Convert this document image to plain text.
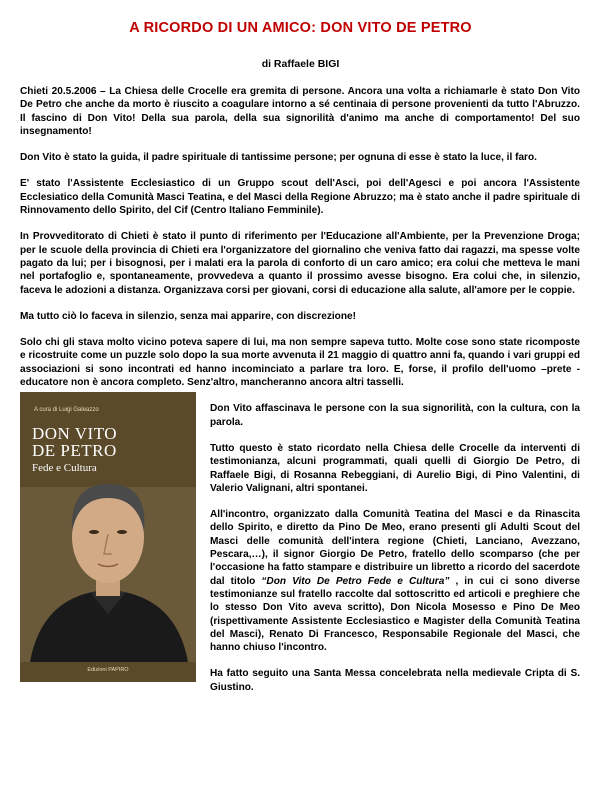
A RICORDO DI UN AMICO: DON VITO DE PETRO
di Raffaele BIGI

Chieti 20.5.2006 – La Chiesa delle Crocelle era gremita di persone. Ancora una volta a richiamarle è stato Don Vito De Petro che anche da morto è riuscito a coagulare intorno a sé centinaia di persone provenienti da tutto l'Abruzzo. Il fascino di Don Vito! Della sua parola, della sua signorilità d'animo ma anche di comportamento! Del suo insegnamento!

Don Vito è stato la guida, il padre spirituale di tantissime persone; per ognuna di esse è stato la luce, il faro.

E' stato l'Assistente Ecclesiastico di un Gruppo scout dell'Asci, poi dell'Agesci e poi ancora l'Assistente Ecclesiatico della Comunità Masci Teatina, e del Masci della Regione Abruzzo; ma è stato anche il padre spirituale di Rinnovamento dello Spirito, del Cif (Centro Italiano Femminile).

In Provveditorato di Chieti è stato il punto di riferimento per l'Educazione all'Ambiente, per la Prevenzione Droga; per le scuole della provincia di Chieti era l'organizzatore del giornalino che veniva fatto dai ragazzi, ma spesse volte pagato da lui; per i bisognosi, per i malati era la parola di conforto di un caro amico; era colui che metteva le mani nel portafoglio e, spontaneamente, provvedeva a quanto il prossimo avesse bisogno. Era colui che, in silenzio, faceva le adozioni a distanza. Organizzava corsi per giovani, corsi di educazione alla salute, all'amore per le coppie.

Ma tutto ciò lo faceva in silenzio, senza mai apparire, con discrezione!

Solo chi gli stava molto vicino poteva sapere di lui, ma non sempre sapeva tutto. Molte cose sono state ricomposte e ricostruite come un puzzle solo dopo la sua morte avvenuta il 21 maggio di quattro anni fa, quando i vari gruppi ed associazioni si sono incontrati ed hanno incominciato a parlare tra loro. E, forse, il profilo dell'uomo –prete -educatore non è ancora completo. Senz'altro, mancheranno ancora altri tasselli.

A cura di Luigi Galeazzo
DON VITO
DE PETRO
Fede e Cultura
Edizioni PAPIRO

Don Vito affascinava le persone con la sua signorilità, con la cultura, con la parola.

Tutto questo è stato ricordato nella Chiesa delle Crocelle da interventi di testimonianza, alcuni programmati, quali quelli di Giorgio De Petro, di Raffaele Bigi, di Rosanna Rebeggiani, di Aurelio Bigi, di Pino Valentini, di Valerio Valignani, altri spontanei.

All'incontro, organizzato dalla Comunità Teatina del Masci e da Rinascita dello Spirito, e diretto da Pino De Meo, erano presenti gli Adulti Scout del Masci delle comunità dell'intera regione (Chieti, Lanciano, Avezzano, Pescara,…), il signor Giorgio De Petro, fratello dello scomparso (che per l'occasione ha fatto stampare e distribuire un libretto a ricordo del sacerdote dal titolo “Don Vito De Petro Fede e Cultura” , in cui ci sono diverse testimonianze sul fratello raccolte dal sottoscritto ed articoli e preghiere che lo stesso Don Vito aveva scritto), Don Nicola Mosesso e Pino De Meo (rispettivamente Assistente Ecclesiastico e Magister della Comunità Teatina del Masci), Renato Di Francesco, Responsabile Regionale del Masci, che hanno chiuso l'incontro.

Ha fatto seguito una Santa Messa concelebrata nella medievale Cripta di S. Giustino.
